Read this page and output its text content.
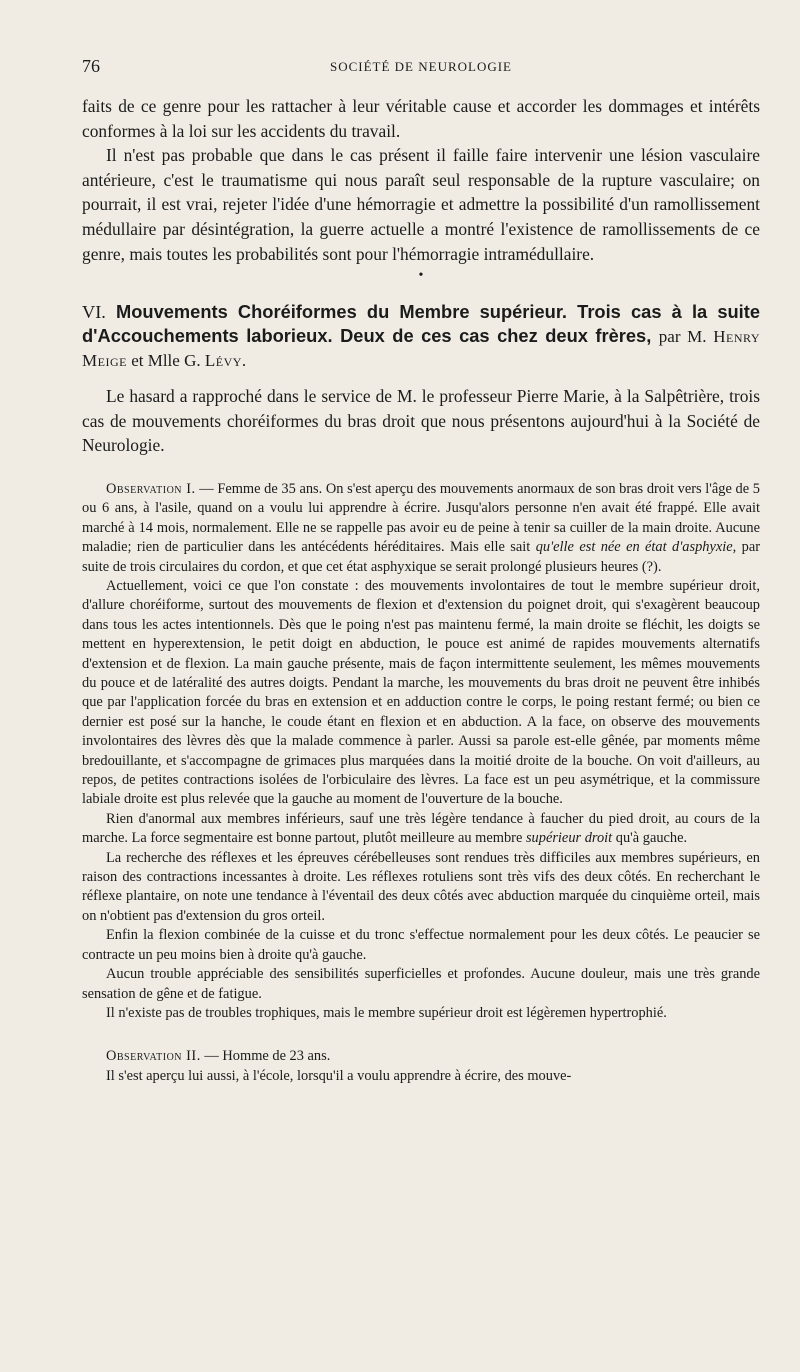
76	SOCIÉTÉ DE NEUROLOGIE

faits de ce genre pour les rattacher à leur véritable cause et accorder les dommages et intérêts conformes à la loi sur les accidents du travail.

Il n'est pas probable que dans le cas présent il faille faire intervenir une lésion vasculaire antérieure, c'est le traumatisme qui nous paraît seul responsable de la rupture vasculaire; on pourrait, il est vrai, rejeter l'idée d'une hémorragie et admettre la possibilité d'un ramollissement médullaire par désintégration, la guerre actuelle a montré l'existence de ramollissements de ce genre, mais toutes les probabilités sont pour l'hémorragie intramédullaire.

•

VI. Mouvements Choréiformes du Membre supérieur. Trois cas à la suite d'Accouchements laborieux. Deux de ces cas chez deux frères, par M. Henry Meige et Mlle G. Lévy.

Le hasard a rapproché dans le service de M. le professeur Pierre Marie, à la Salpêtrière, trois cas de mouvements choréiformes du bras droit que nous présentons aujourd'hui à la Société de Neurologie.

Observation I. — Femme de 35 ans. On s'est aperçu des mouvements anormaux de son bras droit vers l'âge de 5 ou 6 ans, à l'asile, quand on a voulu lui apprendre à écrire. Jusqu'alors personne n'en avait été frappé. Elle avait marché à 14 mois, normalement. Elle ne se rappelle pas avoir eu de peine à tenir sa cuiller de la main droite. Aucune maladie; rien de particulier dans les antécédents héréditaires. Mais elle sait qu'elle est née en état d'asphyxie, par suite de trois circulaires du cordon, et que cet état asphyxique se serait prolongé plusieurs heures (?).

Actuellement, voici ce que l'on constate : des mouvements involontaires de tout le membre supérieur droit, d'allure choréiforme, surtout des mouvements de flexion et d'extension du poignet droit, qui s'exagèrent beaucoup dans tous les actes intentionnels. Dès que le poing n'est pas maintenu fermé, la main droite se fléchit, les doigts se mettent en hyperextension, le petit doigt en abduction, le pouce est animé de rapides mouvements alternatifs d'extension et de flexion. La main gauche présente, mais de façon intermittente seulement, les mêmes mouvements du pouce et de latéralité des autres doigts. Pendant la marche, les mouvements du bras droit ne peuvent être inhibés que par l'application forcée du bras en extension et en adduction contre le corps, le poing restant fermé; ou bien ce dernier est posé sur la hanche, le coude étant en flexion et en abduction. A la face, on observe des mouvements involontaires des lèvres dès que la malade commence à parler. Aussi sa parole est-elle gênée, par moments même bredouillante, et s'accompagne de grimaces plus marquées dans la moitié droite de la bouche. On voit d'ailleurs, au repos, de petites contractions isolées de l'orbiculaire des lèvres. La face est un peu asymétrique, et la commissure labiale droite est plus relevée que la gauche au moment de l'ouverture de la bouche.

Rien d'anormal aux membres inférieurs, sauf une très légère tendance à faucher du pied droit, au cours de la marche. La force segmentaire est bonne partout, plutôt meilleure au membre supérieur droit qu'à gauche.

La recherche des réflexes et les épreuves cérébelleuses sont rendues très difficiles aux membres supérieurs, en raison des contractions incessantes à droite. Les réflexes rotuliens sont très vifs des deux côtés. En recherchant le réflexe plantaire, on note une tendance à l'éventail des deux côtés avec abduction marquée du cinquième orteil, mais on n'obtient pas d'extension du gros orteil.

Enfin la flexion combinée de la cuisse et du tronc s'effectue normalement pour les deux côtés. Le peaucier se contracte un peu moins bien à droite qu'à gauche.

Aucun trouble appréciable des sensibilités superficielles et profondes. Aucune douleur, mais une très grande sensation de gêne et de fatigue.

Il n'existe pas de troubles trophiques, mais le membre supérieur droit est légèremen hypertrophié.

Observation II. — Homme de 23 ans.

Il s'est aperçu lui aussi, à l'école, lorsqu'il a voulu apprendre à écrire, des mouve-
